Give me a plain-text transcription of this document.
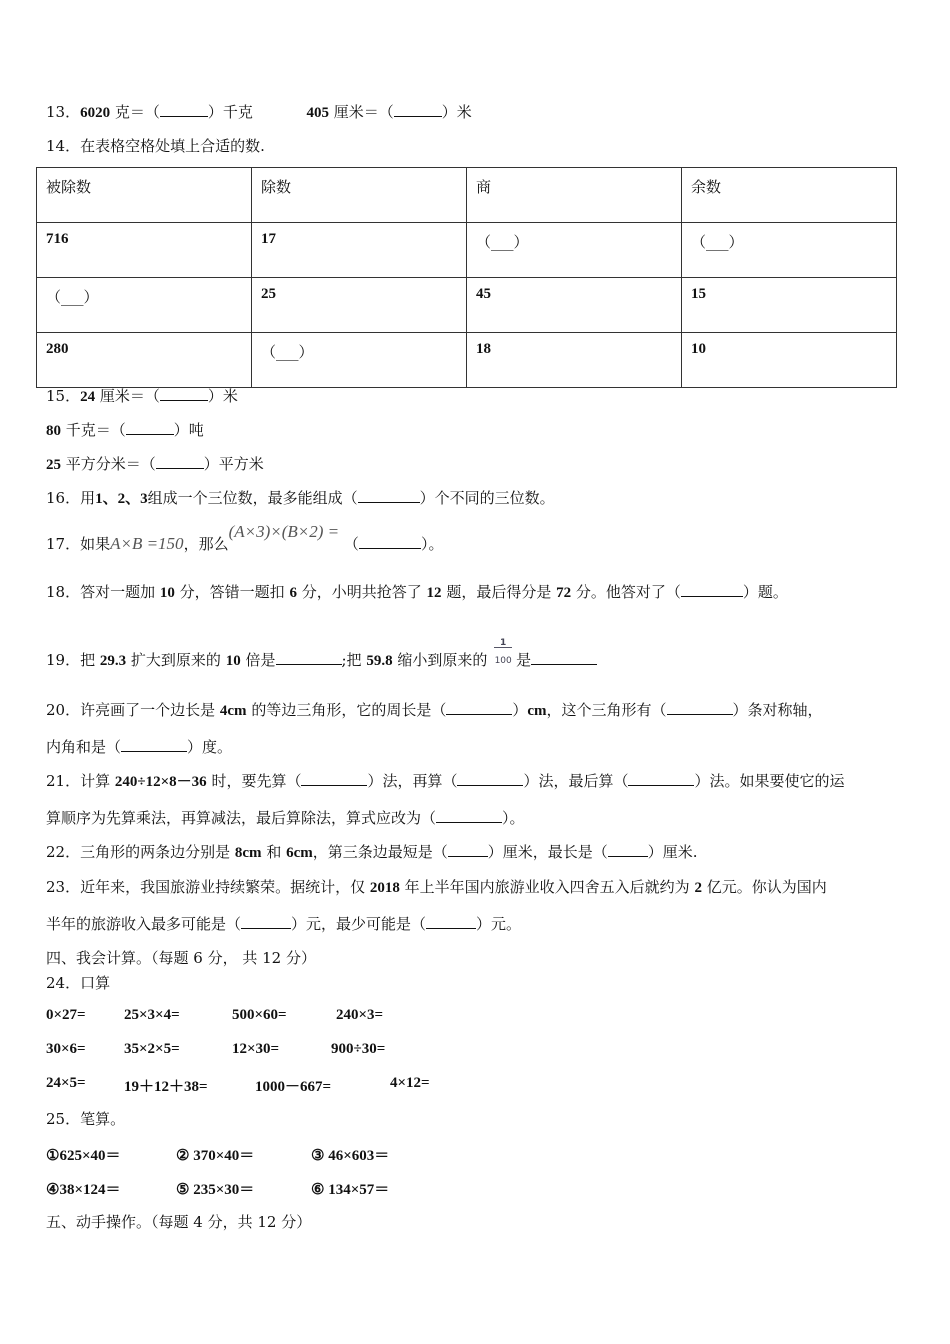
13．6020 克＝（	）千克	405 厘米＝（	）米
14．在表格空格处填上合适的数.
被除数	除数	商	余数
716	17	（___）	（___）
（___）	25	45	15
280	（___）	18	10
15．24 厘米＝（	）米
80 千克＝（	）吨
25 平方分米＝（	）平方米
16．用1、2、3组成一个三位数，最多能组成（	）个不同的三位数。
17．如果A×B =150，那么(A×3)×(B×2) = （	）。
18．答对一题加 10 分，答错一题扣 6 分，小明共抢答了 12 题，最后得分是 72 分。他答对了（	）题。
19．把 29.3 扩大到原来的 10 倍是	;把 59.8 缩小到原来的 $\frac{1}{100}$ 是
20．许亮画了一个边长是 4cm 的等边三角形，它的周长是（	）cm，这个三角形有（	）条对称轴，
内角和是（	）度。
21．计算 240÷12×8－36 时，要先算（	）法，再算（	）法，最后算（	）法。如果要使它的运
算顺序为先算乘法，再算减法，最后算除法，算式应改为（	）。
22．三角形的两条边分别是 8cm 和 6cm，第三条边最短是（	）厘米，最长是（	）厘米.
23．近年来，我国旅游业持续繁荣。据统计，仅 2018 年上半年国内旅游业收入四舍五入后就约为 2 亿元。你认为国内
半年的旅游收入最多可能是（	）元，最少可能是（	）元。
四、我会计算。（每题 6 分， 共 12 分）
24．口算
0×27=	25×3×4=	500×60=	240×3=
30×6=	35×2×5=	12×30=	900÷30=
24×5=	19＋12＋38=	1000－667=	4×12=
25．笔算。
①625×40＝	② 370×40＝	③ 46×603＝
④38×124＝	⑤ 235×30＝	⑥ 134×57＝
五、动手操作。（每题 4 分，共 12 分）
